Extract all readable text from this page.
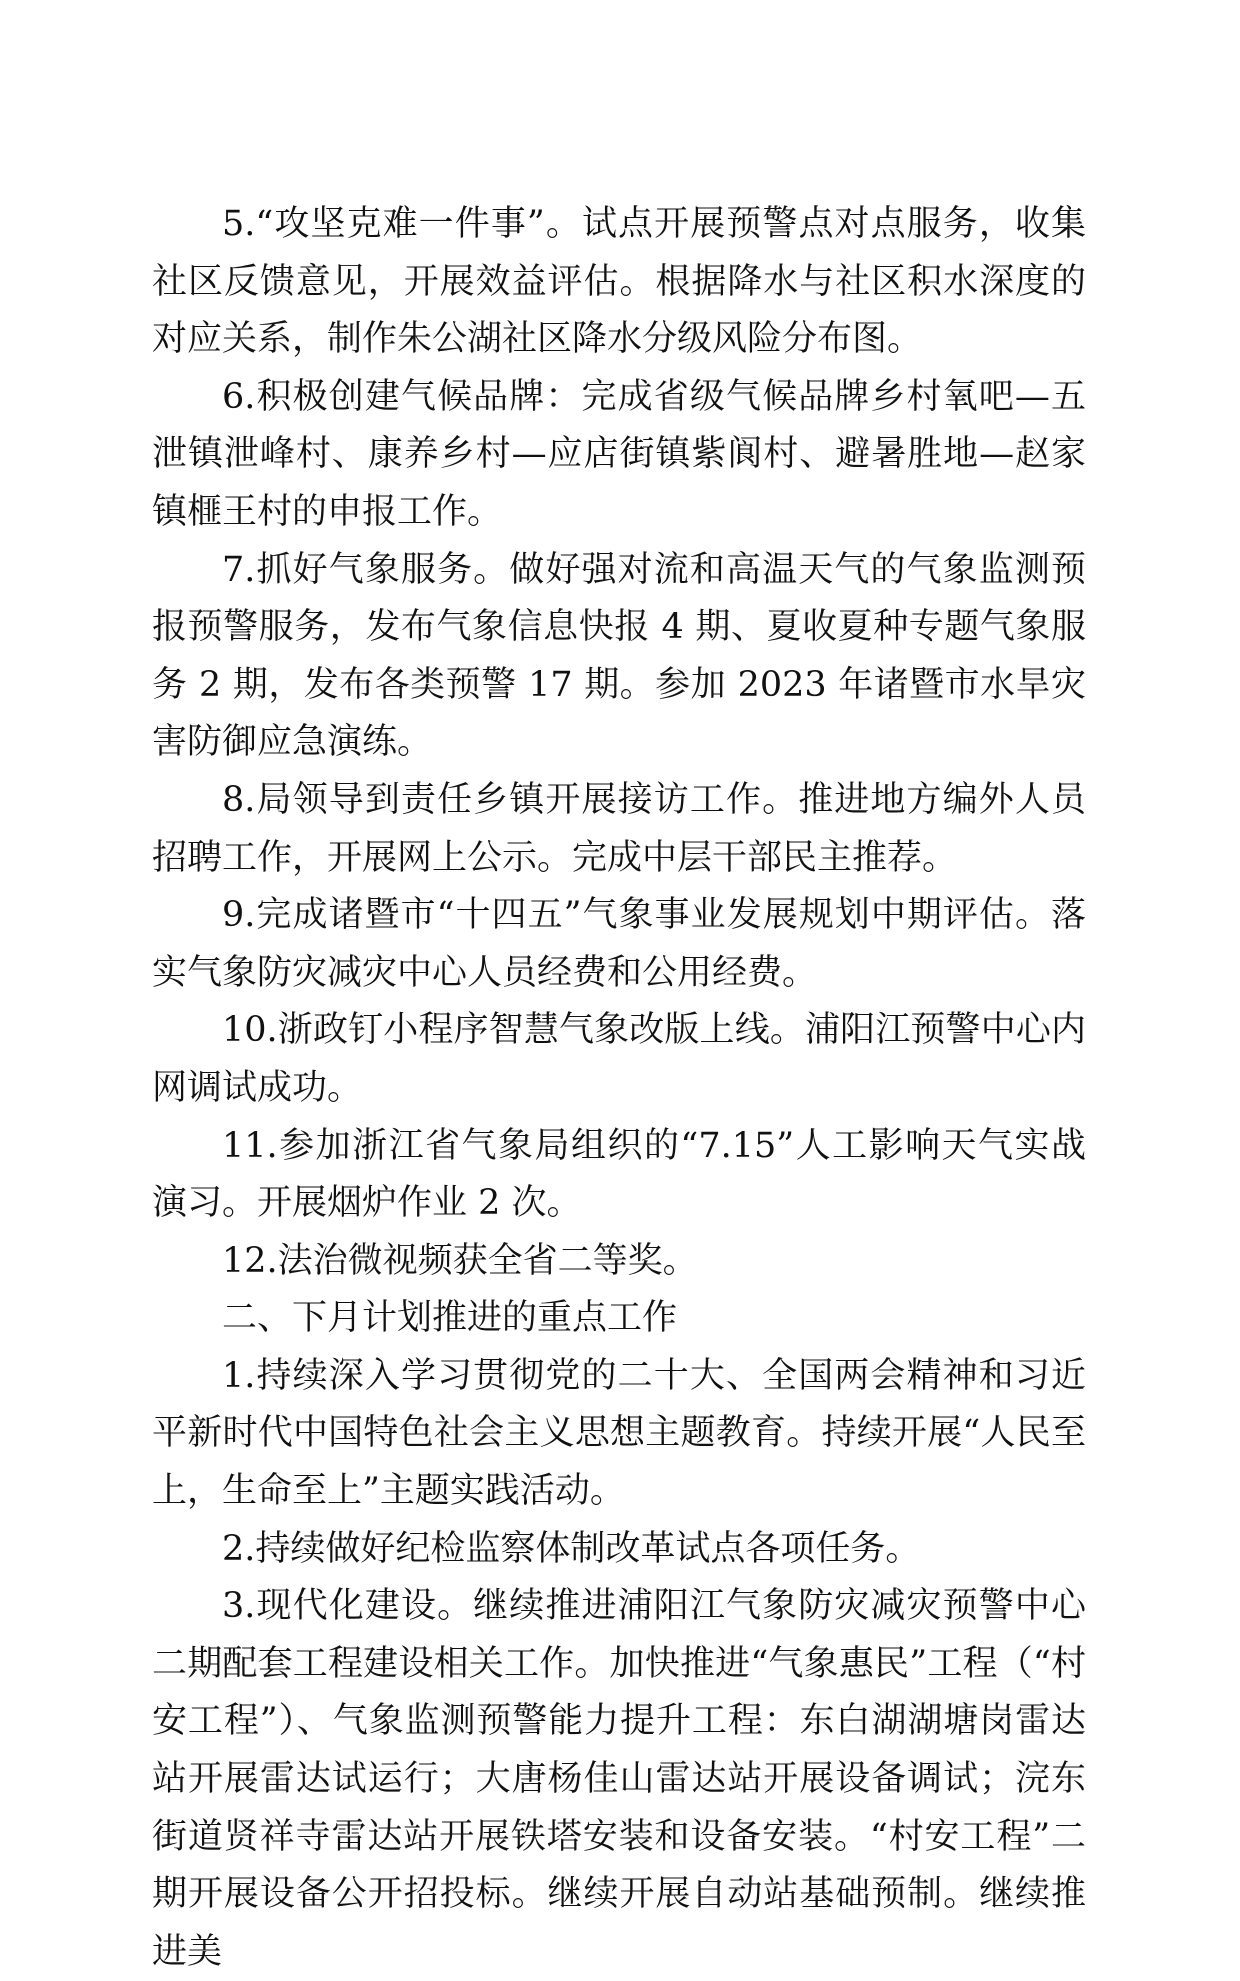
5.“攻坚克难一件事”。试点开展预警点对点服务，收集社区反馈意见，开展效益评估。根据降水与社区积水深度的对应关系，制作朱公湖社区降水分级风险分布图。

6.积极创建气候品牌：完成省级气候品牌乡村氧吧—五泄镇泄峰村、康养乡村—应店街镇紫阆村、避暑胜地—赵家镇榧王村的申报工作。

7.抓好气象服务。做好强对流和高温天气的气象监测预报预警服务，发布气象信息快报 4 期、夏收夏种专题气象服务 2 期，发布各类预警 17 期。参加 2023 年诸暨市水旱灾害防御应急演练。

8.局领导到责任乡镇开展接访工作。推进地方编外人员招聘工作，开展网上公示。完成中层干部民主推荐。

9.完成诸暨市“十四五”气象事业发展规划中期评估。落实气象防灾减灾中心人员经费和公用经费。

10.浙政钉小程序智慧气象改版上线。浦阳江预警中心内网调试成功。

11.参加浙江省气象局组织的“7.15”人工影响天气实战演习。开展烟炉作业 2 次。

12.法治微视频获全省二等奖。

二、下月计划推进的重点工作

1.持续深入学习贯彻党的二十大、全国两会精神和习近平新时代中国特色社会主义思想主题教育。持续开展“人民至上，生命至上”主题实践活动。

2.持续做好纪检监察体制改革试点各项任务。

3.现代化建设。继续推进浦阳江气象防灾减灾预警中心二期配套工程建设相关工作。加快推进“气象惠民”工程（“村安工程”）、气象监测预警能力提升工程：东白湖湖塘岗雷达站开展雷达试运行；大唐杨佳山雷达站开展设备调试；浣东街道贤祥寺雷达站开展铁塔安装和设备安装。“村安工程”二期开展设备公开招投标。继续开展自动站基础预制。继续推进美
